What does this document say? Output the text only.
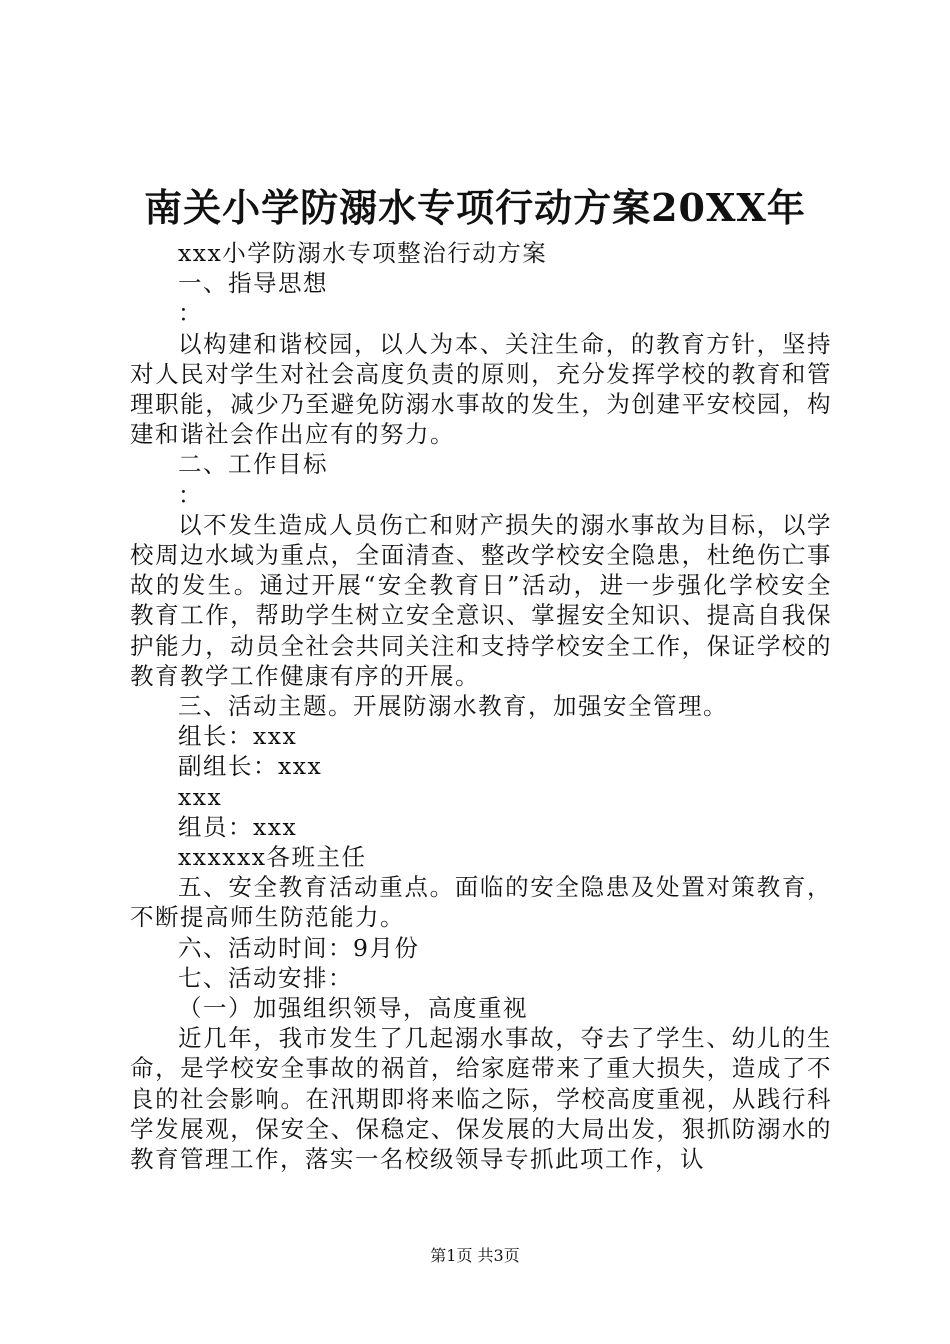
南关小学防溺水专项行动方案20XX年

xxx小学防溺水专项整治行动方案

一、指导思想

：

以构建和谐校园，以人为本、关注生命，的教育方针，坚持对人民对学生对社会高度负责的原则，充分发挥学校的教育和管理职能，减少乃至避免防溺水事故的发生，为创建平安校园，构建和谐社会作出应有的努力。

二、工作目标

：

以不发生造成人员伤亡和财产损失的溺水事故为目标，以学校周边水域为重点，全面清查、整改学校安全隐患，杜绝伤亡事故的发生。通过开展“安全教育日”活动，进一步强化学校安全教育工作，帮助学生树立安全意识、掌握安全知识、提高自我保护能力，动员全社会共同关注和支持学校安全工作，保证学校的教育教学工作健康有序的开展。

三、活动主题。开展防溺水教育，加强安全管理。

组长：xxx

副组长：xxx

xxx

组员：xxx

xxxxxx各班主任

五、安全教育活动重点。面临的安全隐患及处置对策教育，不断提高师生防范能力。

六、活动时间：9月份

七、活动安排：

（一）加强组织领导，高度重视

近几年，我市发生了几起溺水事故，夺去了学生、幼儿的生命，是学校安全事故的祸首，给家庭带来了重大损失，造成了不良的社会影响。在汛期即将来临之际，学校高度重视，从践行科学发展观，保安全、保稳定、保发展的大局出发，狠抓防溺水的教育管理工作，落实一名校级领导专抓此项工作，认

第1页 共3页
